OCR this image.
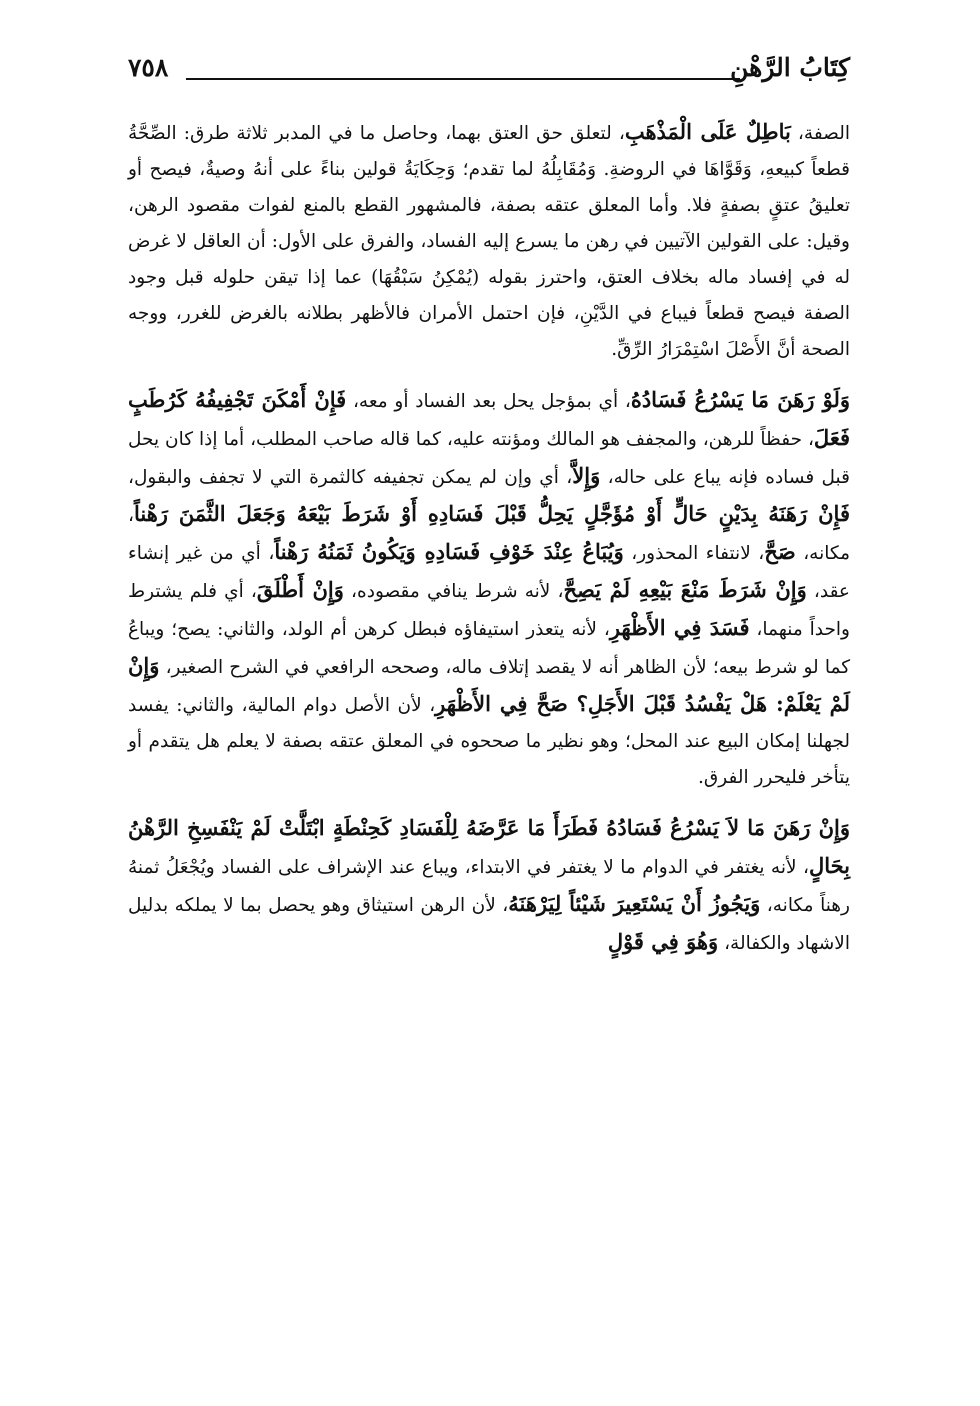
كِتَابُ الرَّهْنِ
٧٥٨

الصفة، بَاطِلٌ عَلَى الْمَذْهَبِ، لتعلق حق العتق بهما، وحاصل ما في المدبر ثلاثة طرق: الصِّحَّةُ قطعاً كبيعهِ، وَقَوَّاهَا في الروضةِ. وَمُقَابِلُهُ لما تقدم؛ وَحِكَايَةُ قولين بناءً على أنهُ وصيةٌ، فيصح أو تعليقُ عتقٍ بصفةٍ فلا. وأما المعلق عتقه بصفة، فالمشهور القطع بالمنع لفوات مقصود الرهن، وقيل: على القولين الآتيين في رهن ما يسرع إليه الفساد، والفرق على الأول: أن العاقل لا غرض له في إفساد ماله بخلاف العتق، واحترز بقوله (يُمْكِنُ سَبْقُهَا) عما إذا تيقن حلوله قبل وجود الصفة فيصح قطعاً فيباع في الدَّيْنِ، فإن احتمل الأمران فالأظهر بطلانه بالغرض للغرر، ووجه الصحة أنَّ الأَصْلَ اسْتِمْرَارُ الرِّقِّ.

وَلَوْ رَهَنَ مَا يَسْرُعُ فَسَادُهُ، أي بمؤجل يحل بعد الفساد أو معه، فَإِنْ أَمْكَنَ تَجْفِيفُهُ كَرُطَبٍ فَعَلَ، حفظاً للرهن، والمجفف هو المالك ومؤنته عليه، كما قاله صاحب المطلب، أما إذا كان يحل قبل فساده فإنه يباع على حاله، وَإِلاَّ، أي وإن لم يمكن تجفيفه كالثمرة التي لا تجفف والبقول، فَإِنْ رَهَنَهُ بِدَيْنٍ حَالٍّ أَوْ مُؤَجَّلٍ يَحِلُّ قَبْلَ فَسَادِهِ أَوْ شَرَطَ بَيْعَهُ وَجَعَلَ الثَّمَنَ رَهْناً، مكانه، صَحَّ، لانتفاء المحذور، وَيُبَاعُ عِنْدَ خَوْفِ فَسَادِهِ وَيَكُونُ ثَمَنُهُ رَهْناً، أي من غير إنشاء عقد، وَإِنْ شَرَطَ مَنْعَ بَيْعِهِ لَمْ يَصِحَّ، لأنه شرط ينافي مقصوده، وَإِنْ أَطْلَقَ، أي فلم يشترط واحداً منهما، فَسَدَ فِي الأَظْهَرِ، لأنه يتعذر استيفاؤه فبطل كرهن أم الولد، والثاني: يصح؛ ويباعُ كما لو شرط بيعه؛ لأن الظاهر أنه لا يقصد إتلاف ماله، وصححه الرافعي في الشرح الصغير، وَإِنْ لَمْ يَعْلَمْ: هَلْ يَفْسُدُ قَبْلَ الأَجَلِ؟ صَحَّ فِي الأَظْهَرِ، لأن الأصل دوام المالية، والثاني: يفسد لجهلنا إمكان البيع عند المحل؛ وهو نظير ما صححوه في المعلق عتقه بصفة لا يعلم هل يتقدم أو يتأخر فليحرر الفرق.

وَإِنْ رَهَنَ مَا لاَ يَسْرُعُ فَسَادُهُ فَطَرَأَ مَا عَرَّضَهُ لِلْفَسَادِ كَحِنْطَةٍ ابْتَلَّتْ لَمْ يَنْفَسِخِ الرَّهْنُ بِحَالٍ، لأنه يغتفر في الدوام ما لا يغتفر في الابتداء، ويباع عند الإشراف على الفساد ويُجْعَلُ ثمنهُ رهناً مكانه، وَيَجُوزُ أَنْ يَسْتَعِيرَ شَيْئاً لِيَرْهَنَهُ، لأن الرهن استيثاق وهو يحصل بما لا يملكه بدليل الاشهاد والكفالة، وَهُوَ فِي قَوْلٍ
